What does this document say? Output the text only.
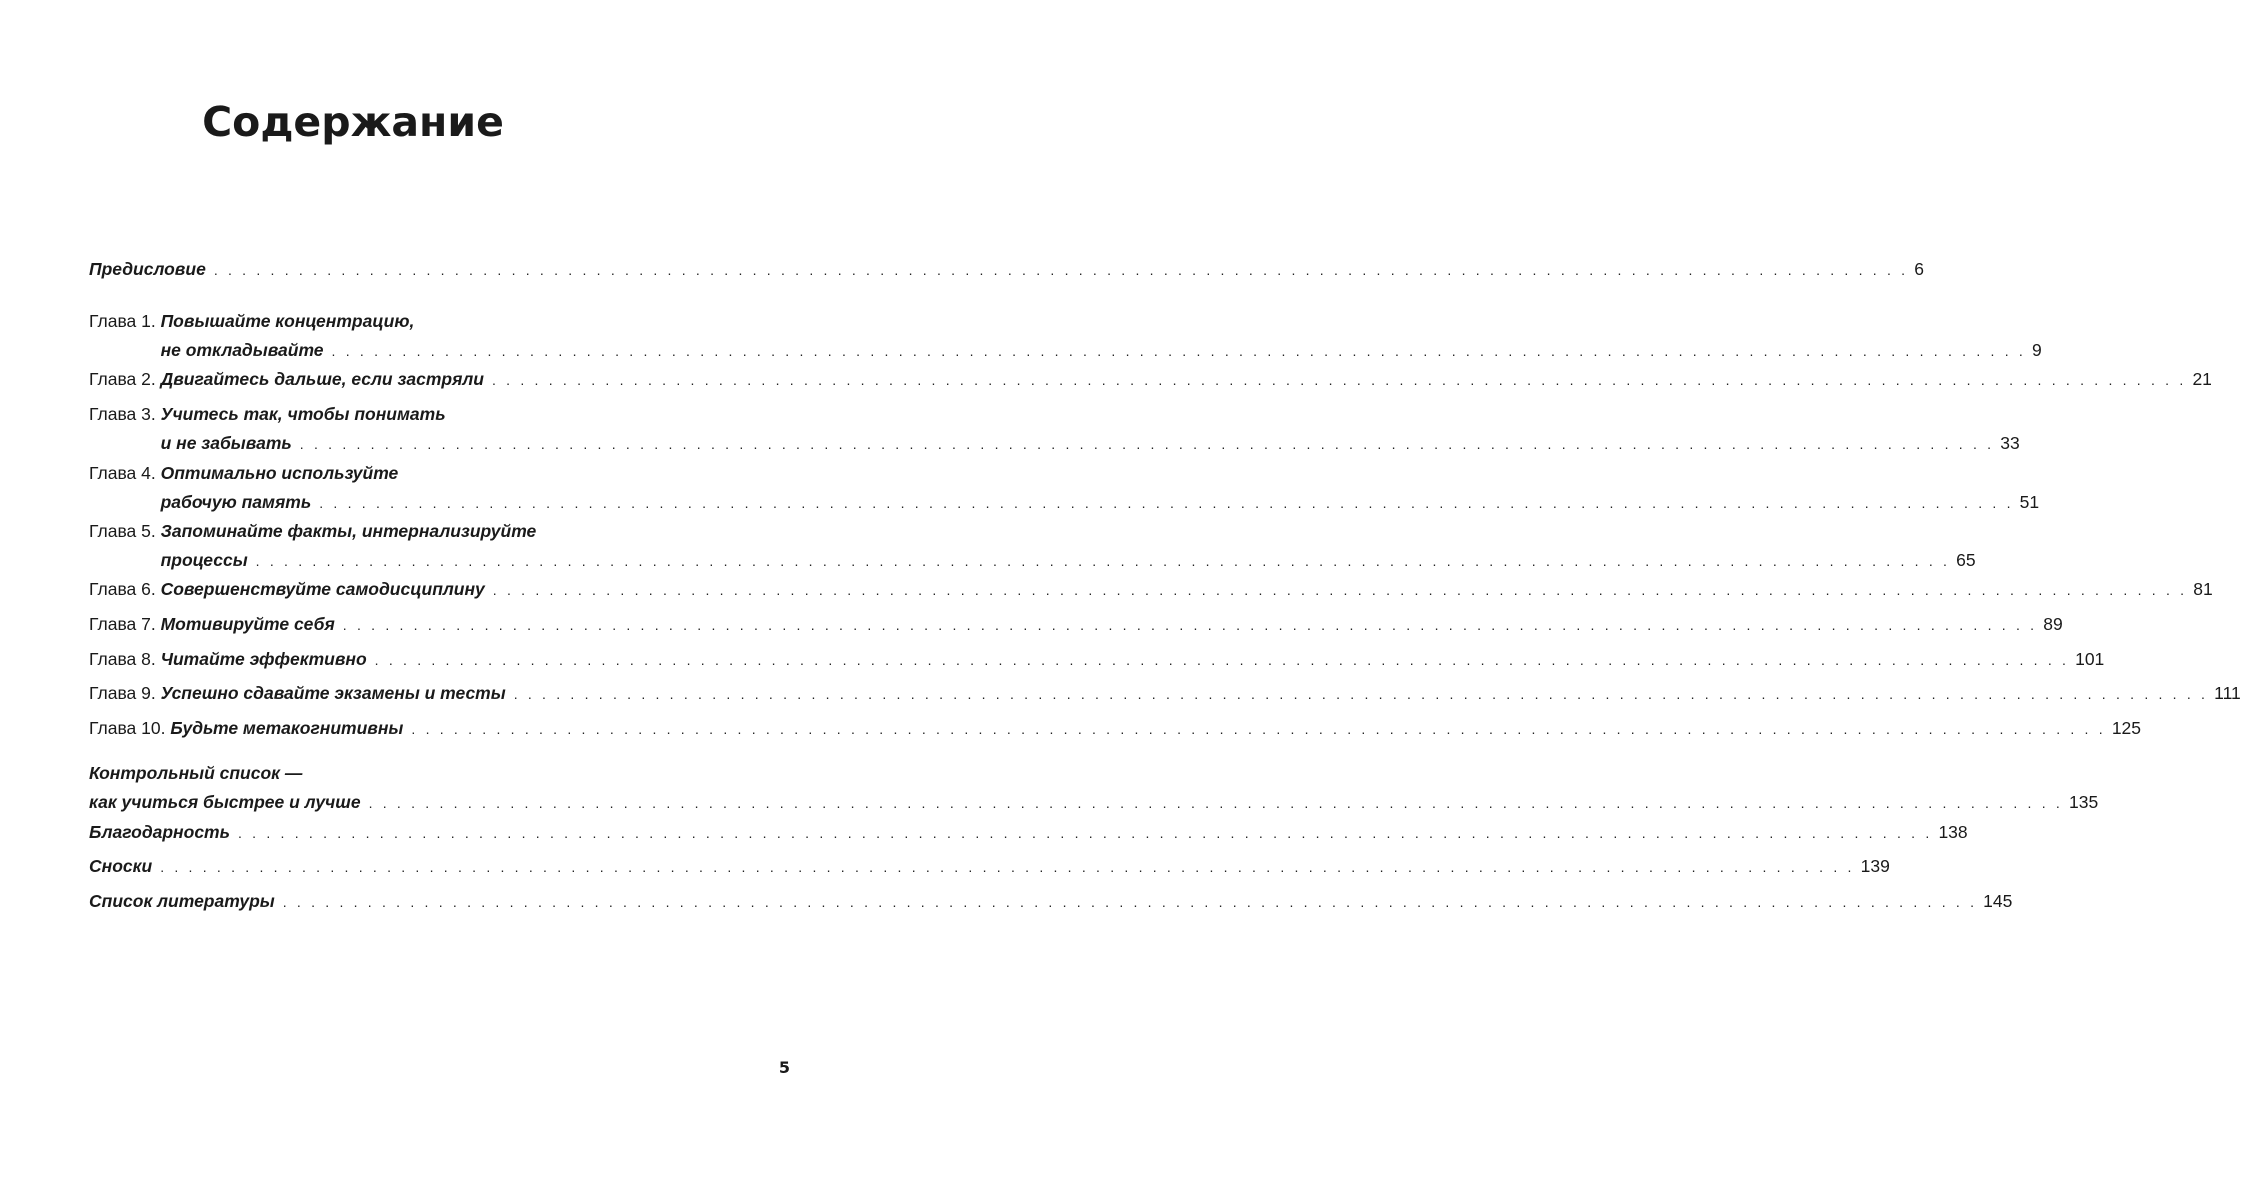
Содержание
Предисловие . . . . . . . . . . . . . . . . . . . . . . . . . . . . . . . . . . . . . . . . . . . . . . . . . . . . . . . . . . . . . . . . . . . . . . . . . . . . . . . . . . . . . . . . . . . . . . . . . . . . . . . . . . . . . . . . . . . . . . . . 6
Глава 1. Повышайте концентрацию,
не откладывайте . . . . . . . . . . . . . . . . . . . . . . . . . . . . . . . . . . . . . . . . . . . . . . . . . . . . . . . . . . . . . . . . . . . . . . . . . . . . . . . . . . . . . . . . . . . . . . . . . . . . . . . . . . . . . . . . . . . . . . . . 9
Глава 2. Двигайтесь дальше, если застряли . . . . . . . . . . . . . . . . . . . . . . . . . . . . . . . . . . . . . . . . . . . . . . . . . . . . . . . . . . . . . . . . . . . . . . . . . . . . . . . . . . . . . . . . . . . . . . . . . . . . . . . . . . . . . . . . . . . . . . . . 21
Глава 3. Учитесь так, чтобы понимать
и не забывать . . . . . . . . . . . . . . . . . . . . . . . . . . . . . . . . . . . . . . . . . . . . . . . . . . . . . . . . . . . . . . . . . . . . . . . . . . . . . . . . . . . . . . . . . . . . . . . . . . . . . . . . . . . . . . . . . . . . . . . . 33
Глава 4. Оптимально используйте
рабочую память . . . . . . . . . . . . . . . . . . . . . . . . . . . . . . . . . . . . . . . . . . . . . . . . . . . . . . . . . . . . . . . . . . . . . . . . . . . . . . . . . . . . . . . . . . . . . . . . . . . . . . . . . . . . . . . . . . . . . . . . 51
Глава 5. Запоминайте факты, интернализируйте
процессы . . . . . . . . . . . . . . . . . . . . . . . . . . . . . . . . . . . . . . . . . . . . . . . . . . . . . . . . . . . . . . . . . . . . . . . . . . . . . . . . . . . . . . . . . . . . . . . . . . . . . . . . . . . . . . . . . . . . . . . . 65
Глава 6. Совершенствуйте самодисциплину . . . . . . . . . . . . . . . . . . . . . . . . . . . . . . . . . . . . . . . . . . . . . . . . . . . . . . . . . . . . . . . . . . . . . . . . . . . . . . . . . . . . . . . . . . . . . . . . . . . . . . . . . . . . . . . . . . . . . . . . 81
Глава 7. Мотивируйте себя . . . . . . . . . . . . . . . . . . . . . . . . . . . . . . . . . . . . . . . . . . . . . . . . . . . . . . . . . . . . . . . . . . . . . . . . . . . . . . . . . . . . . . . . . . . . . . . . . . . . . . . . . . . . . . . . . . . . . . . . 89
Глава 8. Читайте эффективно . . . . . . . . . . . . . . . . . . . . . . . . . . . . . . . . . . . . . . . . . . . . . . . . . . . . . . . . . . . . . . . . . . . . . . . . . . . . . . . . . . . . . . . . . . . . . . . . . . . . . . . . . . . . . . . . . . . . . . . . 101
Глава 9. Успешно сдавайте экзамены и тесты . . . . . . . . . . . . . . . . . . . . . . . . . . . . . . . . . . . . . . . . . . . . . . . . . . . . . . . . . . . . . . . . . . . . . . . . . . . . . . . . . . . . . . . . . . . . . . . . . . . . . . . . . . . . . . . . . . . . . . . . 111
Глава 10. Будьте метакогнитивны . . . . . . . . . . . . . . . . . . . . . . . . . . . . . . . . . . . . . . . . . . . . . . . . . . . . . . . . . . . . . . . . . . . . . . . . . . . . . . . . . . . . . . . . . . . . . . . . . . . . . . . . . . . . . . . . . . . . . . . . 125
Контрольный список —
как учиться быстрее и лучше . . . . . . . . . . . . . . . . . . . . . . . . . . . . . . . . . . . . . . . . . . . . . . . . . . . . . . . . . . . . . . . . . . . . . . . . . . . . . . . . . . . . . . . . . . . . . . . . . . . . . . . . . . . . . . . . . . . . . . . . 135
Благодарность . . . . . . . . . . . . . . . . . . . . . . . . . . . . . . . . . . . . . . . . . . . . . . . . . . . . . . . . . . . . . . . . . . . . . . . . . . . . . . . . . . . . . . . . . . . . . . . . . . . . . . . . . . . . . . . . . . . . . . . . 138
Сноски . . . . . . . . . . . . . . . . . . . . . . . . . . . . . . . . . . . . . . . . . . . . . . . . . . . . . . . . . . . . . . . . . . . . . . . . . . . . . . . . . . . . . . . . . . . . . . . . . . . . . . . . . . . . . . . . . . . . . . . . 139
Список литературы . . . . . . . . . . . . . . . . . . . . . . . . . . . . . . . . . . . . . . . . . . . . . . . . . . . . . . . . . . . . . . . . . . . . . . . . . . . . . . . . . . . . . . . . . . . . . . . . . . . . . . . . . . . . . . . . . . . . . . . . 145
5
